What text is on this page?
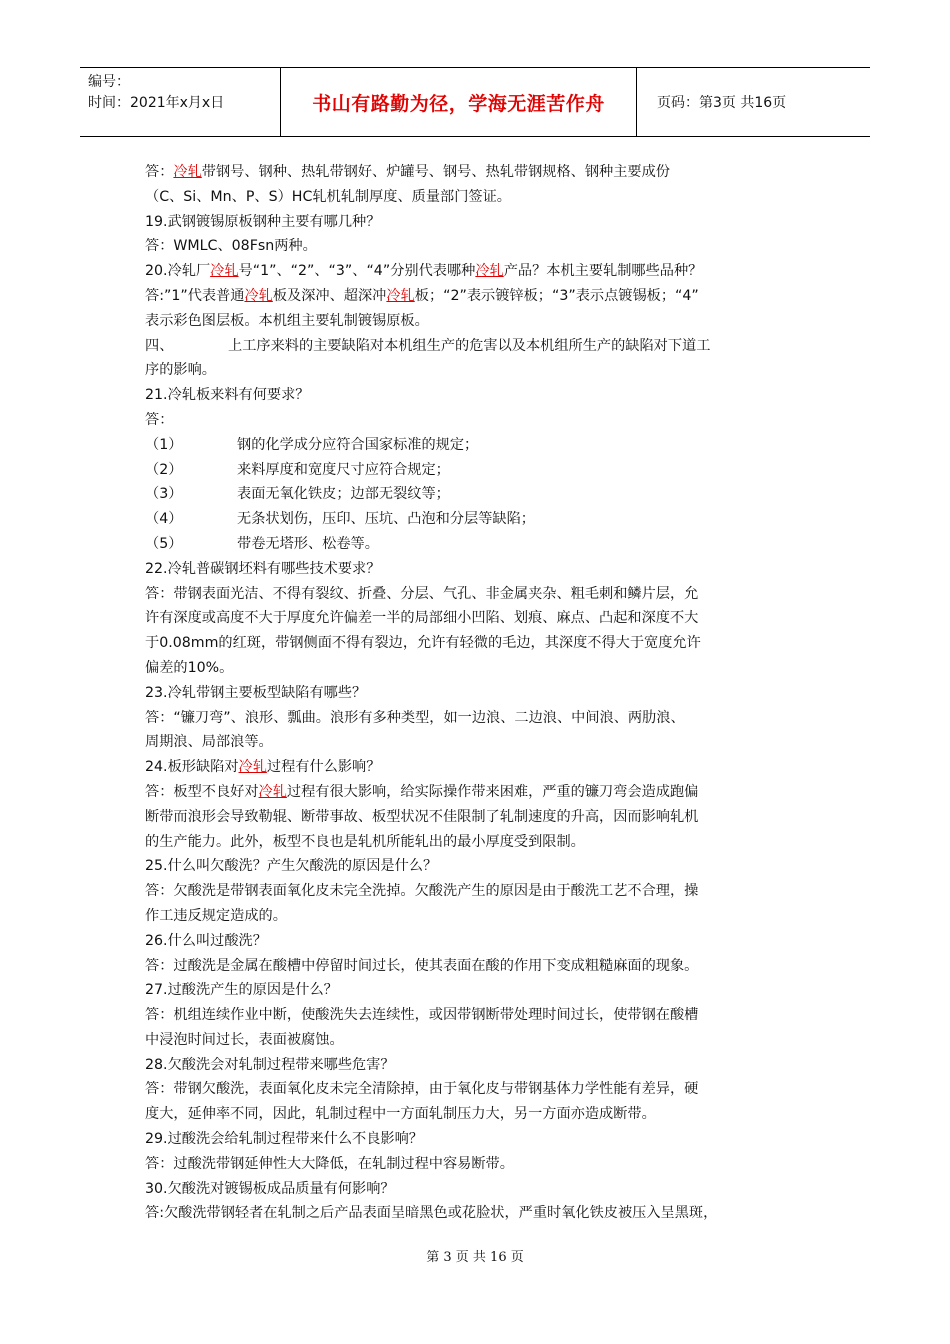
编号：
时间：2021年x月x日	书山有路勤为径，学海无涯苦作舟	页码：第3页 共16页
答：冷轧带钢号、钢种、热轧带钢好、炉罐号、钢号、热轧带钢规格、钢种主要成份
（C、Si、Mn、P、S）HC轧机轧制厚度、质量部门签证。
19.武钢镀锡原板钢种主要有哪几种？
答：WMLC、08Fsn两种。
20.冷轧厂冷轧号“1”、“2”、“3”、“4”分别代表哪种冷轧产品？本机主要轧制哪些品种？
答:”1”代表普通冷轧板及深冲、超深冲冷轧板；“2”表示镀锌板；“3”表示点镀锡板；“4”
表示彩色图层板。本机组主要轧制镀锡原板。
四、	上工序来料的主要缺陷对本机组生产的危害以及本机组所生产的缺陷对下道工
序的影响。
21.冷轧板来料有何要求？
答：
（1）	钢的化学成分应符合国家标准的规定；
（2）	来料厚度和宽度尺寸应符合规定；
（3）	表面无氧化铁皮；边部无裂纹等；
（4）	无条状划伤，压印、压坑、凸泡和分层等缺陷；
（5）	带卷无塔形、松卷等。
22.冷轧普碳钢坯料有哪些技术要求？
答：带钢表面光洁、不得有裂纹、折叠、分层、气孔、非金属夹杂、粗毛刺和鳞片层，允
许有深度或高度不大于厚度允许偏差一半的局部细小凹陷、划痕、麻点、凸起和深度不大
于0.08mm的红斑，带钢侧面不得有裂边，允许有轻微的毛边，其深度不得大于宽度允许
偏差的10%。
23.冷轧带钢主要板型缺陷有哪些？
答：“镰刀弯”、浪形、瓢曲。浪形有多种类型，如一边浪、二边浪、中间浪、两肋浪、
周期浪、局部浪等。
24.板形缺陷对冷轧过程有什么影响？
答：板型不良好对冷轧过程有很大影响，给实际操作带来困难，严重的镰刀弯会造成跑偏
断带而浪形会导致勒辊、断带事故、板型状况不佳限制了轧制速度的升高，因而影响轧机
的生产能力。此外，板型不良也是轧机所能轧出的最小厚度受到限制。
25.什么叫欠酸洗？产生欠酸洗的原因是什么？
答：欠酸洗是带钢表面氧化皮未完全洗掉。欠酸洗产生的原因是由于酸洗工艺不合理，操
作工违反规定造成的。
26.什么叫过酸洗？
答：过酸洗是金属在酸槽中停留时间过长，使其表面在酸的作用下变成粗糙麻面的现象。
27.过酸洗产生的原因是什么？
答：机组连续作业中断，使酸洗失去连续性，或因带钢断带处理时间过长，使带钢在酸槽
中浸泡时间过长，表面被腐蚀。
28.欠酸洗会对轧制过程带来哪些危害？
答：带钢欠酸洗，表面氧化皮未完全清除掉，由于氧化皮与带钢基体力学性能有差异，硬
度大，延伸率不同，因此，轧制过程中一方面轧制压力大，另一方面亦造成断带。
29.过酸洗会给轧制过程带来什么不良影响？
答：过酸洗带钢延伸性大大降低，在轧制过程中容易断带。
30.欠酸洗对镀锡板成品质量有何影响？
答:欠酸洗带钢轻者在轧制之后产品表面呈暗黑色或花脸状，严重时氧化铁皮被压入呈黑斑，
第 3 页 共 16 页
